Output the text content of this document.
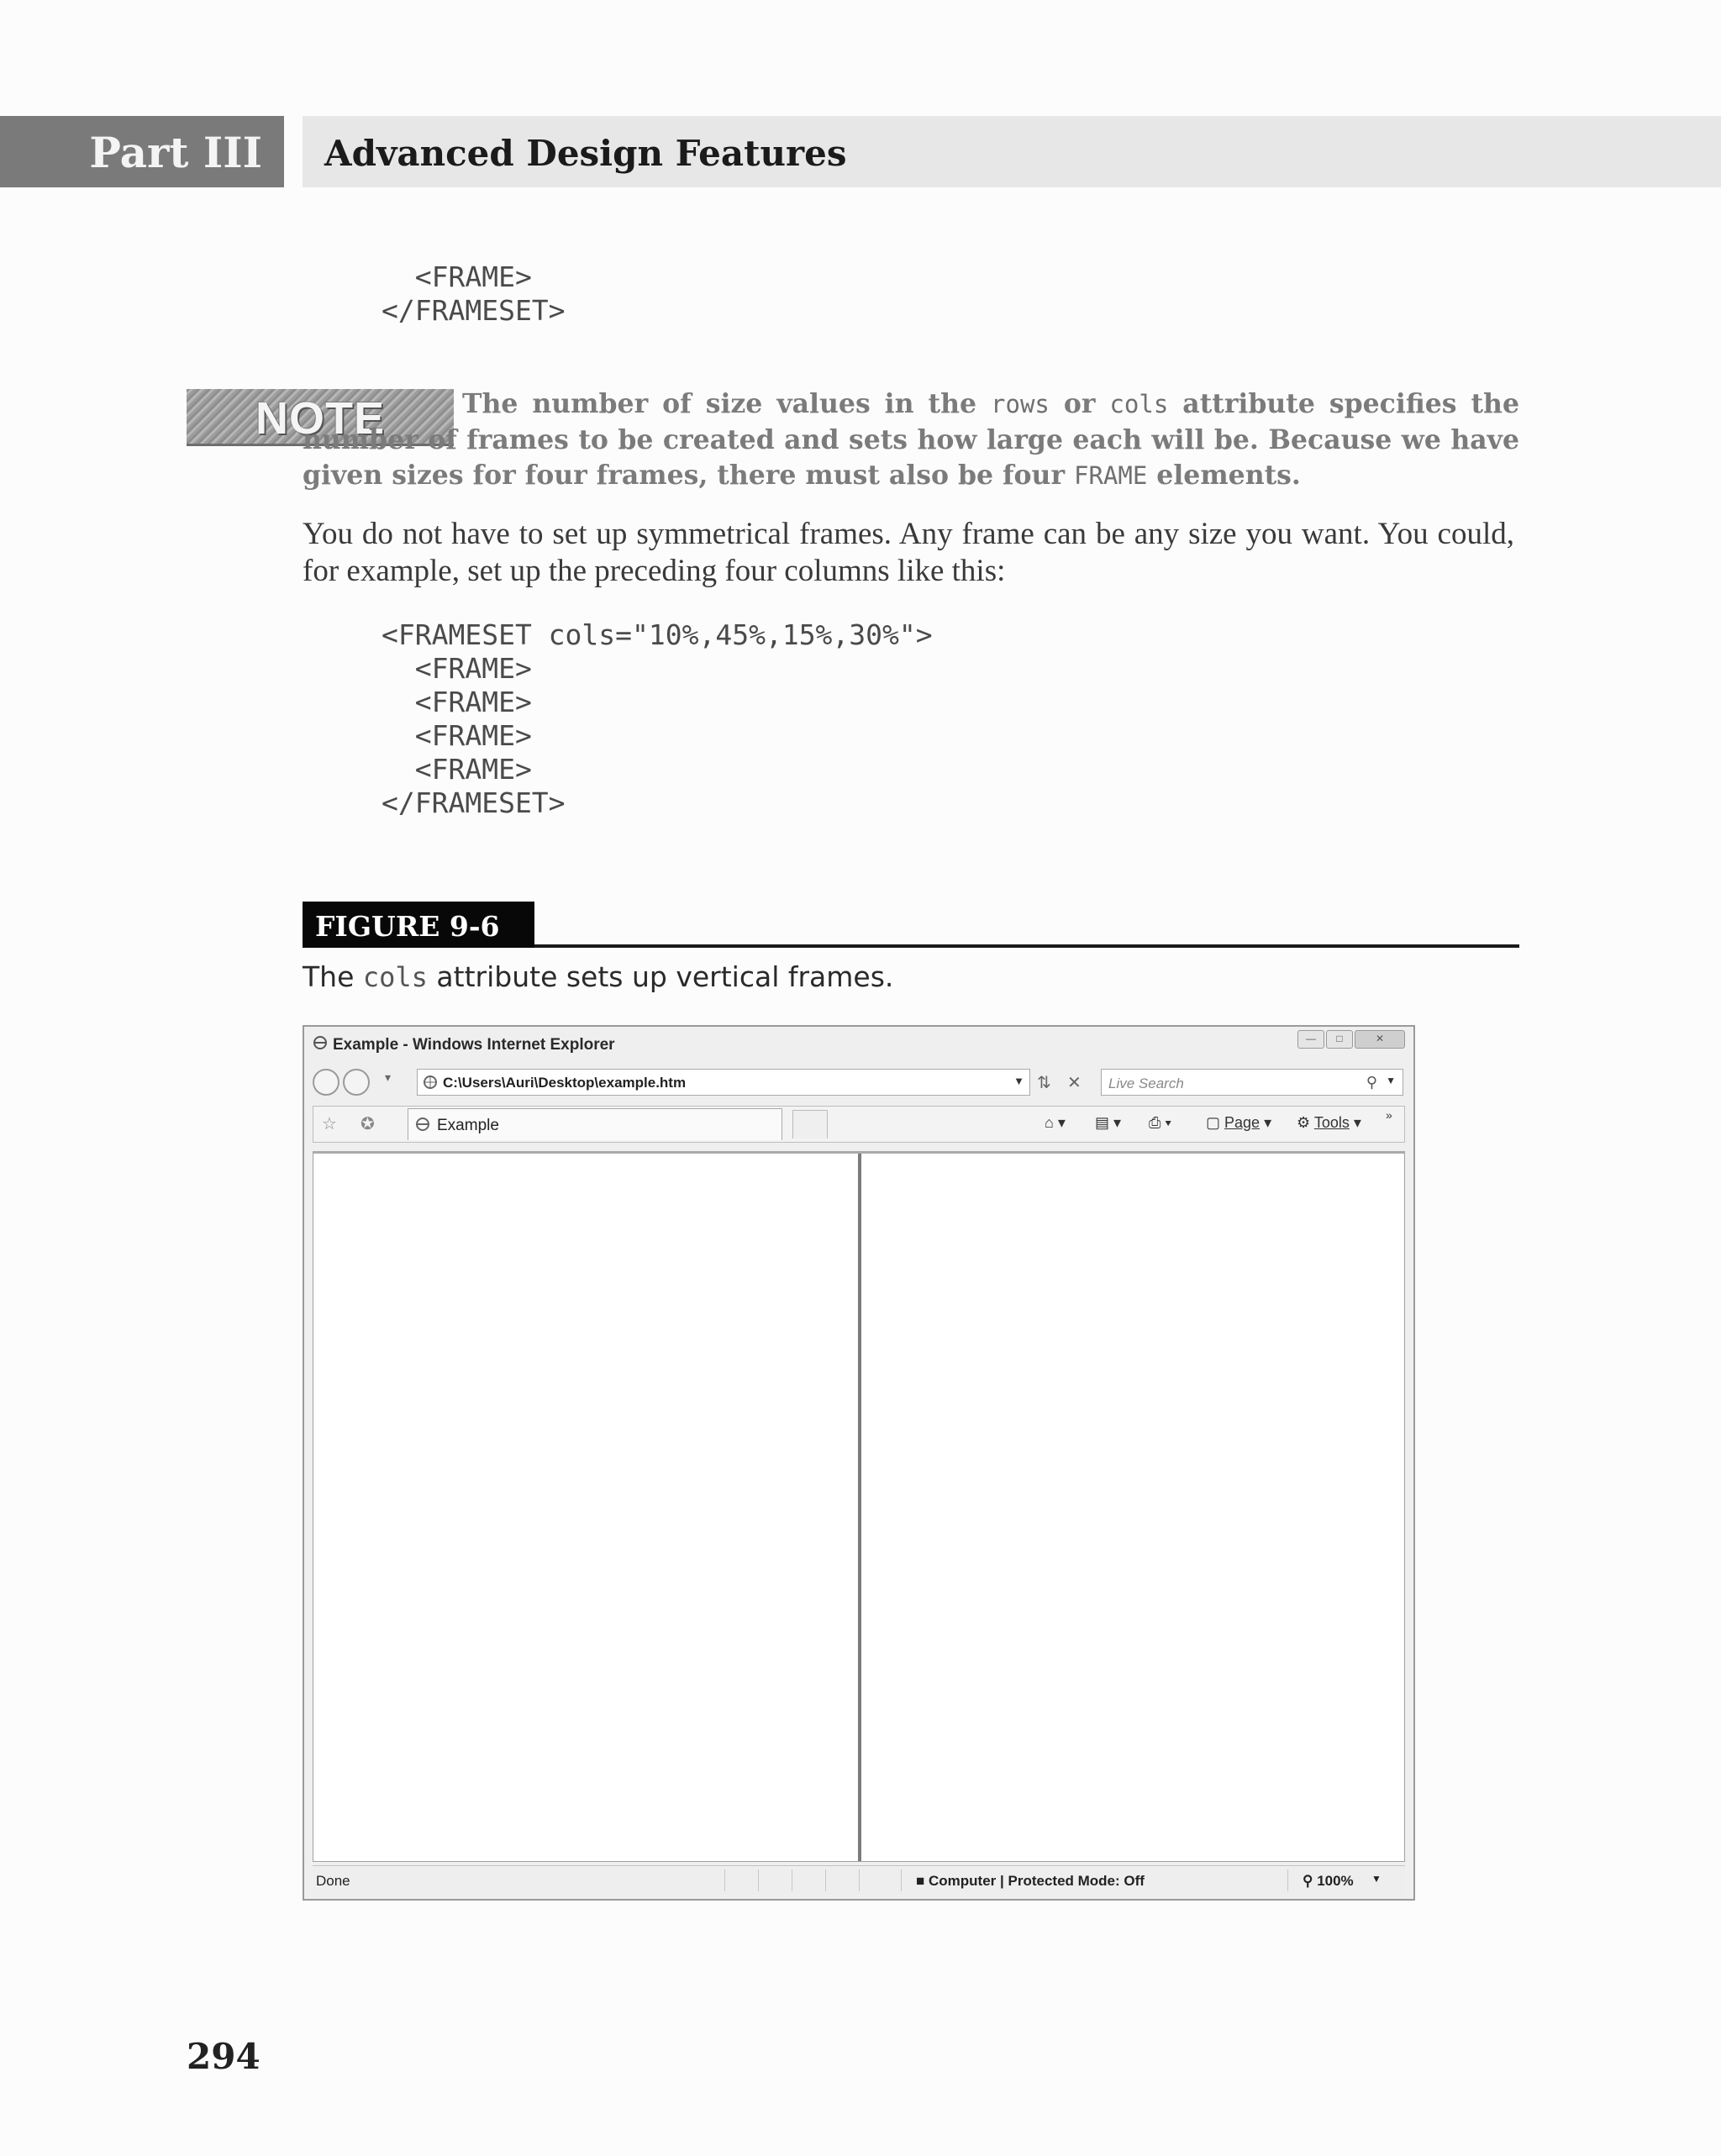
Part III Advanced Design Features
<FRAME>
</FRAMESET>
NOTE	The number of size values in the rows or cols attribute specifies the number of frames to be created and sets how large each will be. Because we have given sizes for four frames, there must also be four FRAME elements.

You do not have to set up symmetrical frames. Any frame can be any size you want. You could, for example, set up the preceding four columns like this:

<FRAMESET cols="10%,45%,15%,30%">
<FRAME>
<FRAME>
<FRAME>
<FRAME>
</FRAMESET>
FIGURE 9-6
The cols attribute sets up vertical frames.
Example - Windows Internet Explorer	— □	✕
▾	C:\Users\Auri\Desktop\example.htm	▼ ⇅ ✕ Live Search	⚲ ▼
☆ ✪	Example	⌂ ▾ ▤ ▾ ⎙ ▾ ▢ Page ▾ ⚙ Tools ▾ »
Done	■ Computer | Protected Mode: Off	⚲ 100% ▼
294
